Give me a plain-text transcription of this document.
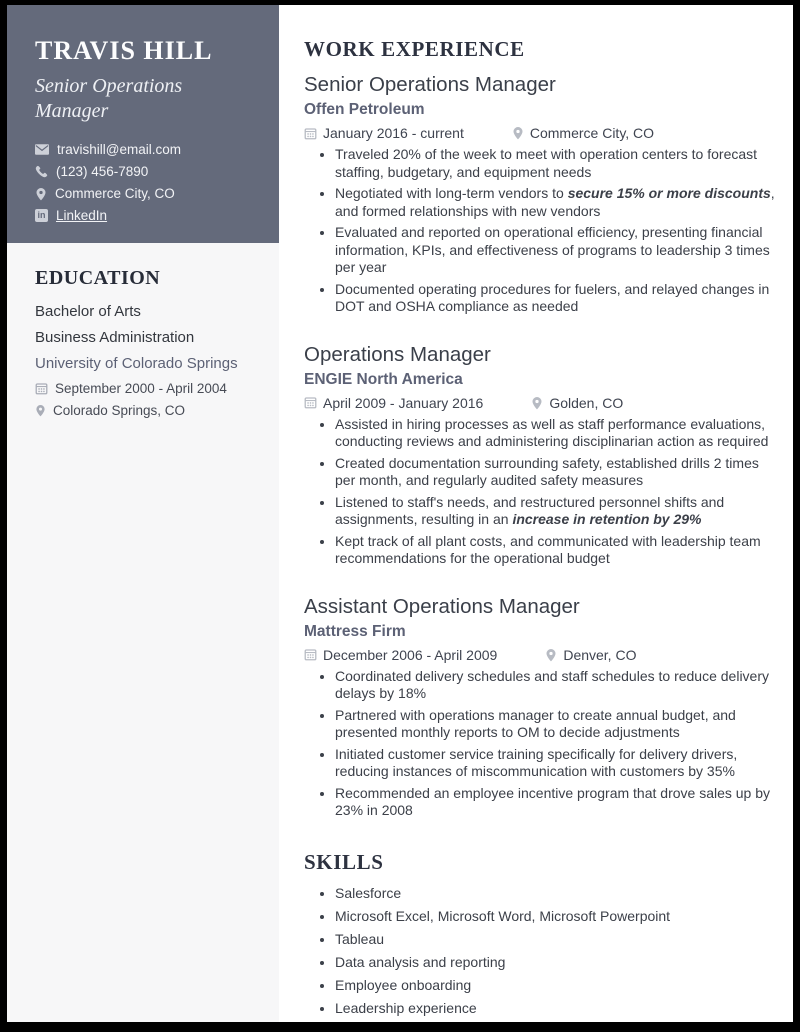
TRAVIS HILL
Senior Operations Manager
travishill@email.com
(123) 456-7890
Commerce City, CO
in LinkedIn
EDUCATION
Bachelor of Arts
Business Administration
University of Colorado Springs
September 2000 - April 2004
Colorado Springs, CO
WORK EXPERIENCE
Senior Operations Manager
Offen Petroleum
January 2016 - current	Commerce City, CO
• Traveled 20% of the week to meet with operation centers to forecast staffing, budgetary, and equipment needs
• Negotiated with long-term vendors to secure 15% or more discounts, and formed relationships with new vendors
• Evaluated and reported on operational efficiency, presenting financial information, KPIs, and effectiveness of programs to leadership 3 times per year
• Documented operating procedures for fuelers, and relayed changes in DOT and OSHA compliance as needed
Operations Manager
ENGIE North America
April 2009 - January 2016	Golden, CO
• Assisted in hiring processes as well as staff performance evaluations, conducting reviews and administering disciplinarian action as required
• Created documentation surrounding safety, established drills 2 times per month, and regularly audited safety measures
• Listened to staff's needs, and restructured personnel shifts and assignments, resulting in an increase in retention by 29%
• Kept track of all plant costs, and communicated with leadership team recommendations for the operational budget
Assistant Operations Manager
Mattress Firm
December 2006 - April 2009	Denver, CO
• Coordinated delivery schedules and staff schedules to reduce delivery delays by 18%
• Partnered with operations manager to create annual budget, and presented monthly reports to OM to decide adjustments
• Initiated customer service training specifically for delivery drivers, reducing instances of miscommunication with customers by 35%
• Recommended an employee incentive program that drove sales up by 23% in 2008
SKILLS
• Salesforce
• Microsoft Excel, Microsoft Word, Microsoft Powerpoint
• Tableau
• Data analysis and reporting
• Employee onboarding
• Leadership experience
